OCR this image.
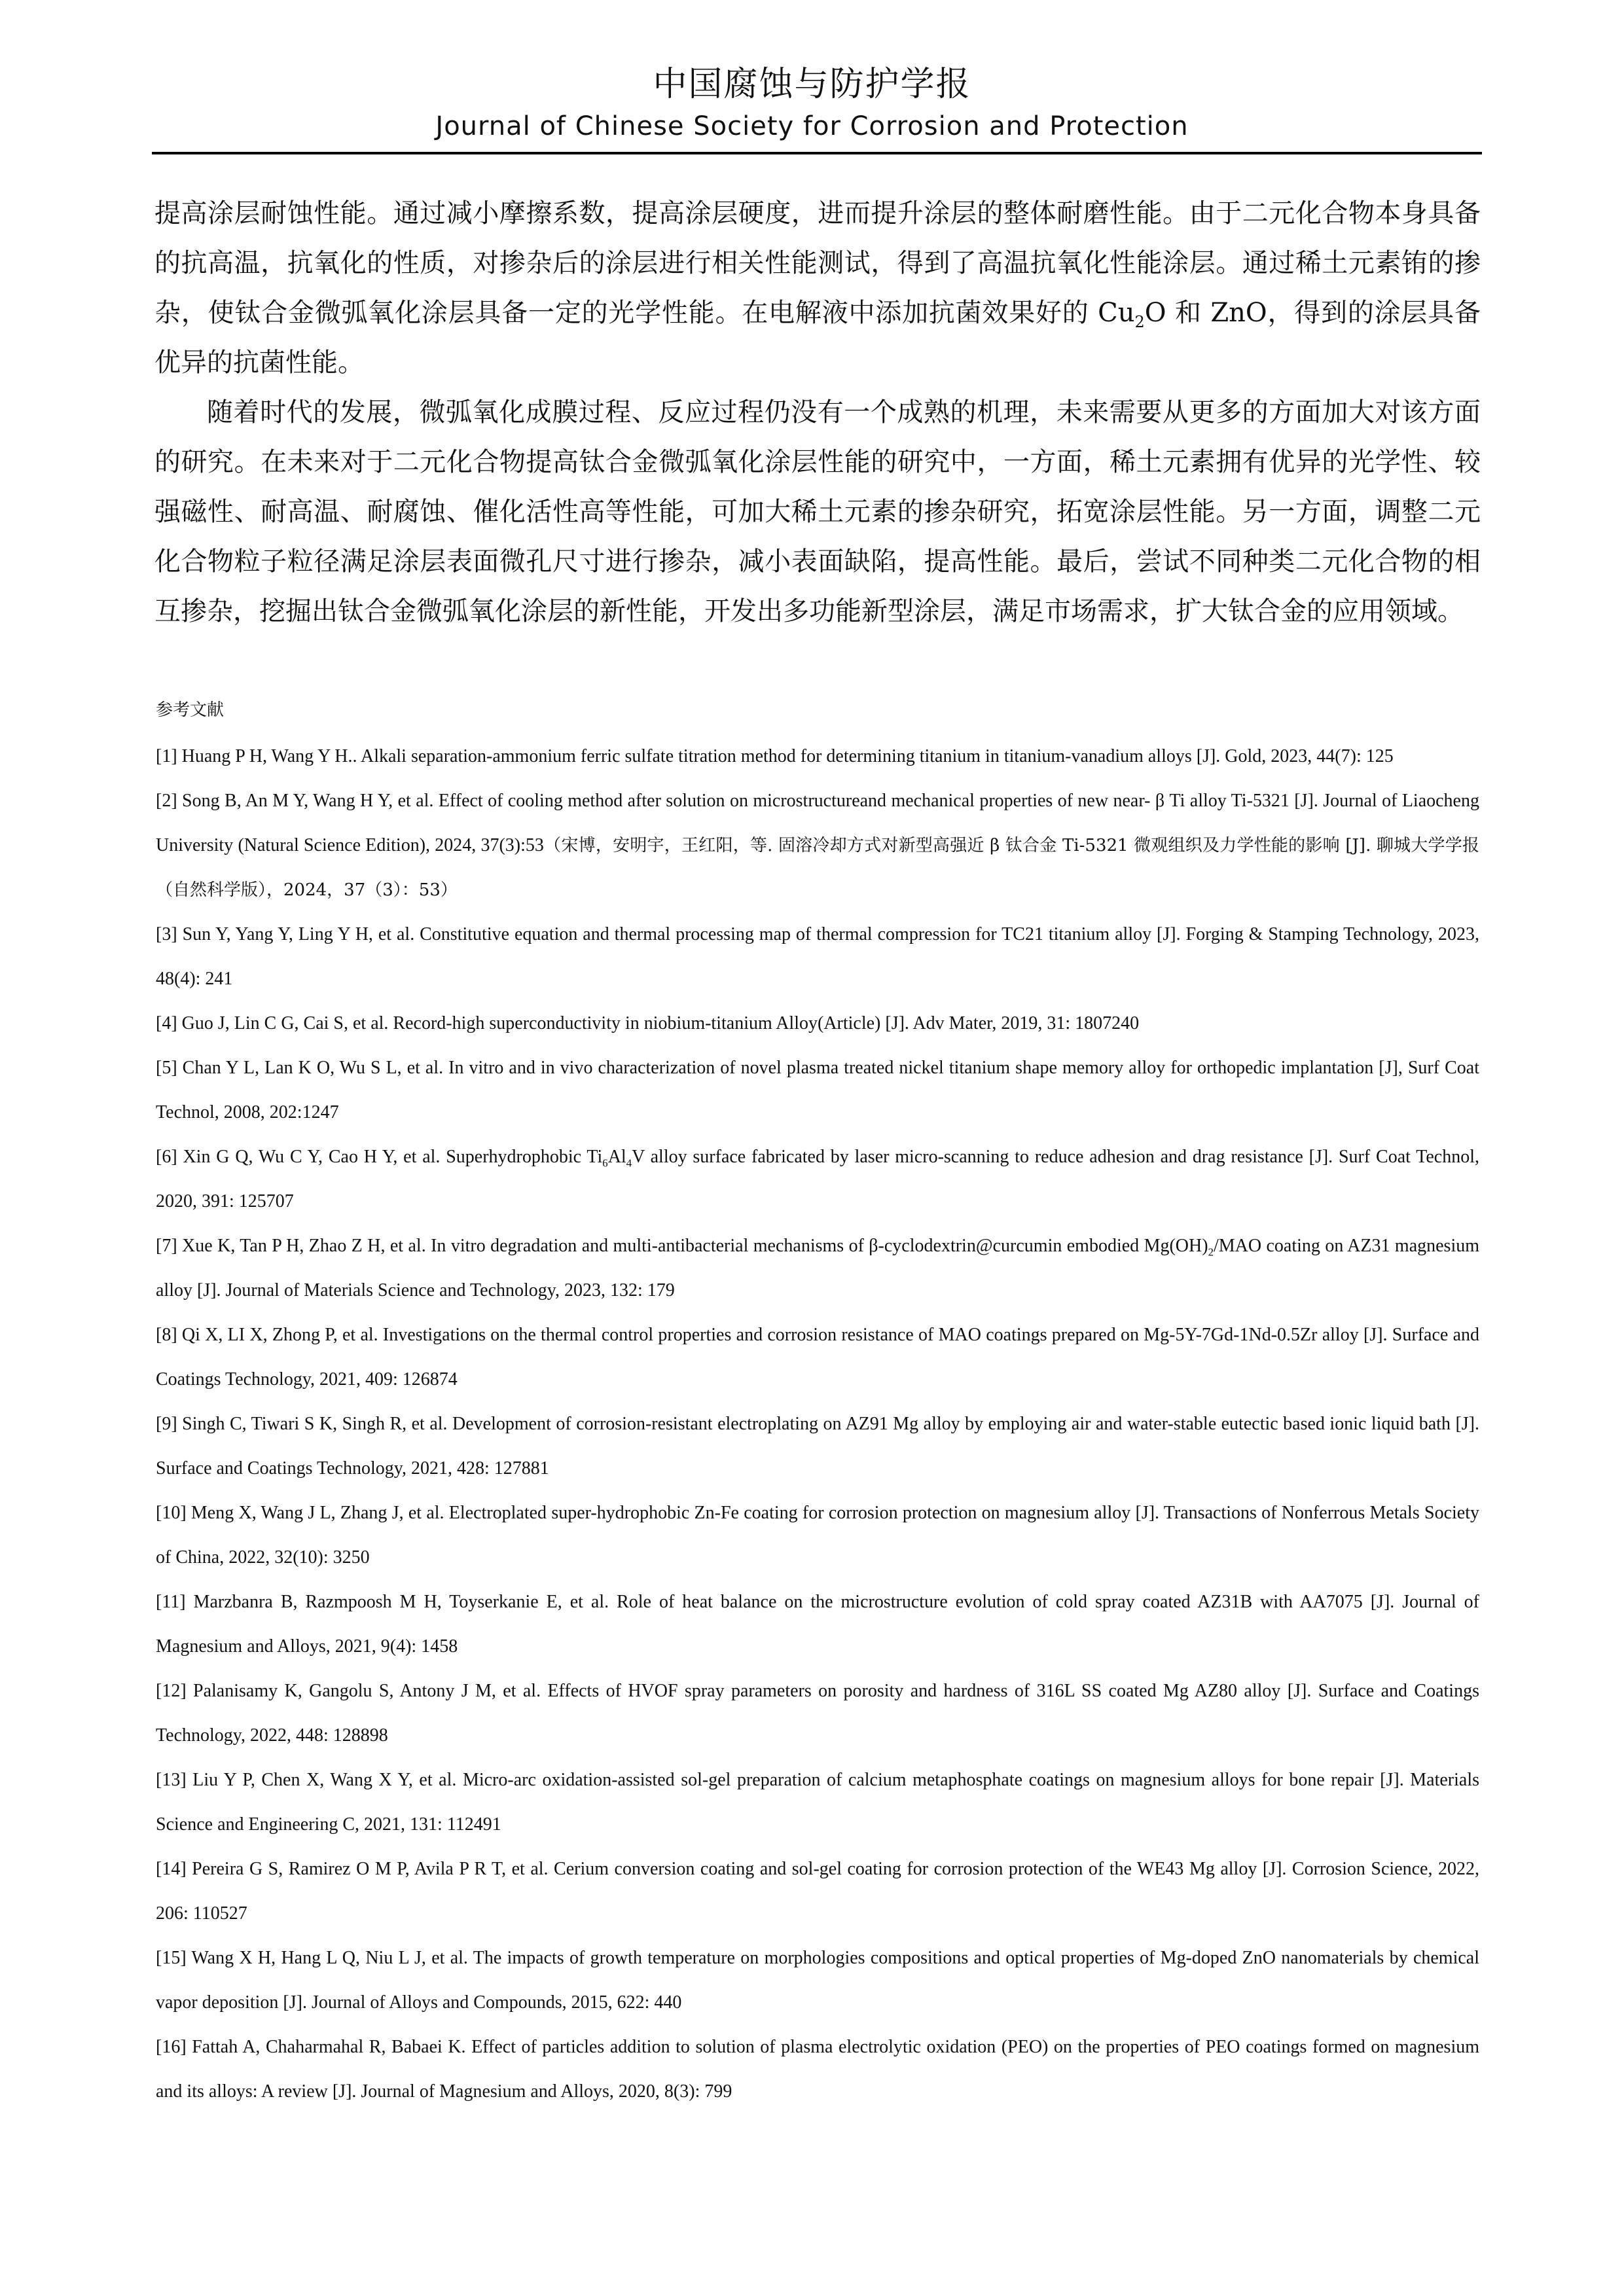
中国腐蚀与防护学报
Journal of Chinese Society for Corrosion and Protection

提高涂层耐蚀性能。通过减小摩擦系数，提高涂层硬度，进而提升涂层的整体耐磨性能。由于二元化合物本身具备的抗高温，抗氧化的性质，对掺杂后的涂层进行相关性能测试，得到了高温抗氧化性能涂层。通过稀土元素铕的掺杂，使钛合金微弧氧化涂层具备一定的光学性能。在电解液中添加抗菌效果好的 $Cu_2O$ 和 ZnO，得到的涂层具备优异的抗菌性能。

随着时代的发展，微弧氧化成膜过程、反应过程仍没有一个成熟的机理，未来需要从更多的方面加大对该方面的研究。在未来对于二元化合物提高钛合金微弧氧化涂层性能的研究中，一方面，稀土元素拥有优异的光学性、较强磁性、耐高温、耐腐蚀、催化活性高等性能，可加大稀土元素的掺杂研究，拓宽涂层性能。另一方面，调整二元化合物粒子粒径满足涂层表面微孔尺寸进行掺杂，减小表面缺陷，提高性能。最后，尝试不同种类二元化合物的相互掺杂，挖掘出钛合金微弧氧化涂层的新性能，开发出多功能新型涂层，满足市场需求，扩大钛合金的应用领域。

参考文献

[1] Huang P H, Wang Y H.. Alkali separation-ammonium ferric sulfate titration method for determining titanium in titanium-vanadium alloys [J]. Gold, 2023, 44(7): 125

[2] Song B, An M Y, Wang H Y, et al. Effect of cooling method after solution on microstructureand mechanical properties of new near- β Ti alloy Ti-5321 [J]. Journal of Liaocheng University (Natural Science Edition), 2024, 37(3):53（宋博，安明宇，王红阳，等. 固溶冷却方式对新型高强近 β 钛合金 Ti-5321 微观组织及力学性能的影响 [J]. 聊城大学学报（自然科学版），2024，37（3）：53）

[3] Sun Y, Yang Y, Ling Y H, et al. Constitutive equation and thermal processing map of thermal compression for TC21 titanium alloy [J]. Forging & Stamping Technology, 2023, 48(4): 241

[4] Guo J, Lin C G, Cai S, et al. Record-high superconductivity in niobium-titanium Alloy(Article) [J]. Adv Mater, 2019, 31: 1807240

[5] Chan Y L, Lan K O, Wu S L, et al. In vitro and in vivo characterization of novel plasma treated nickel titanium shape memory alloy for orthopedic implantation [J], Surf Coat Technol, 2008, 202:1247

[6] Xin G Q, Wu C Y, Cao H Y, et al. Superhydrophobic $Ti_6Al_4V$ alloy surface fabricated by laser micro-scanning to reduce adhesion and drag resistance [J]. Surf Coat Technol, 2020, 391: 125707

[7] Xue K, Tan P H, Zhao Z H, et al. In vitro degradation and multi-antibacterial mechanisms of β-cyclodextrin@curcumin embodied $Mg(OH)_2$/MAO coating on AZ31 magnesium alloy [J]. Journal of Materials Science and Technology, 2023, 132: 179

[8] Qi X, LI X, Zhong P, et al. Investigations on the thermal control properties and corrosion resistance of MAO coatings prepared on Mg-5Y-7Gd-1Nd-0.5Zr alloy [J]. Surface and Coatings Technology, 2021, 409: 126874

[9] Singh C, Tiwari S K, Singh R, et al. Development of corrosion-resistant electroplating on AZ91 Mg alloy by employing air and water-stable eutectic based ionic liquid bath [J]. Surface and Coatings Technology, 2021, 428: 127881

[10] Meng X, Wang J L, Zhang J, et al. Electroplated super-hydrophobic Zn-Fe coating for corrosion protection on magnesium alloy [J]. Transactions of Nonferrous Metals Society of China, 2022, 32(10): 3250

[11] Marzbanra B, Razmpoosh M H, Toyserkanie E, et al. Role of heat balance on the microstructure evolution of cold spray coated AZ31B with AA7075 [J]. Journal of Magnesium and Alloys, 2021, 9(4): 1458

[12] Palanisamy K, Gangolu S, Antony J M, et al. Effects of HVOF spray parameters on porosity and hardness of 316L SS coated Mg AZ80 alloy [J]. Surface and Coatings Technology, 2022, 448: 128898

[13] Liu Y P, Chen X, Wang X Y, et al. Micro-arc oxidation-assisted sol-gel preparation of calcium metaphosphate coatings on magnesium alloys for bone repair [J]. Materials Science and Engineering C, 2021, 131: 112491

[14] Pereira G S, Ramirez O M P, Avila P R T, et al. Cerium conversion coating and sol-gel coating for corrosion protection of the WE43 Mg alloy [J]. Corrosion Science, 2022, 206: 110527

[15] Wang X H, Hang L Q, Niu L J, et al. The impacts of growth temperature on morphologies compositions and optical properties of Mg-doped ZnO nanomaterials by chemical vapor deposition [J]. Journal of Alloys and Compounds, 2015, 622: 440

[16] Fattah A, Chaharmahal R, Babaei K. Effect of particles addition to solution of plasma electrolytic oxidation (PEO) on the properties of PEO coatings formed on magnesium and its alloys: A review [J]. Journal of Magnesium and Alloys, 2020, 8(3): 799
